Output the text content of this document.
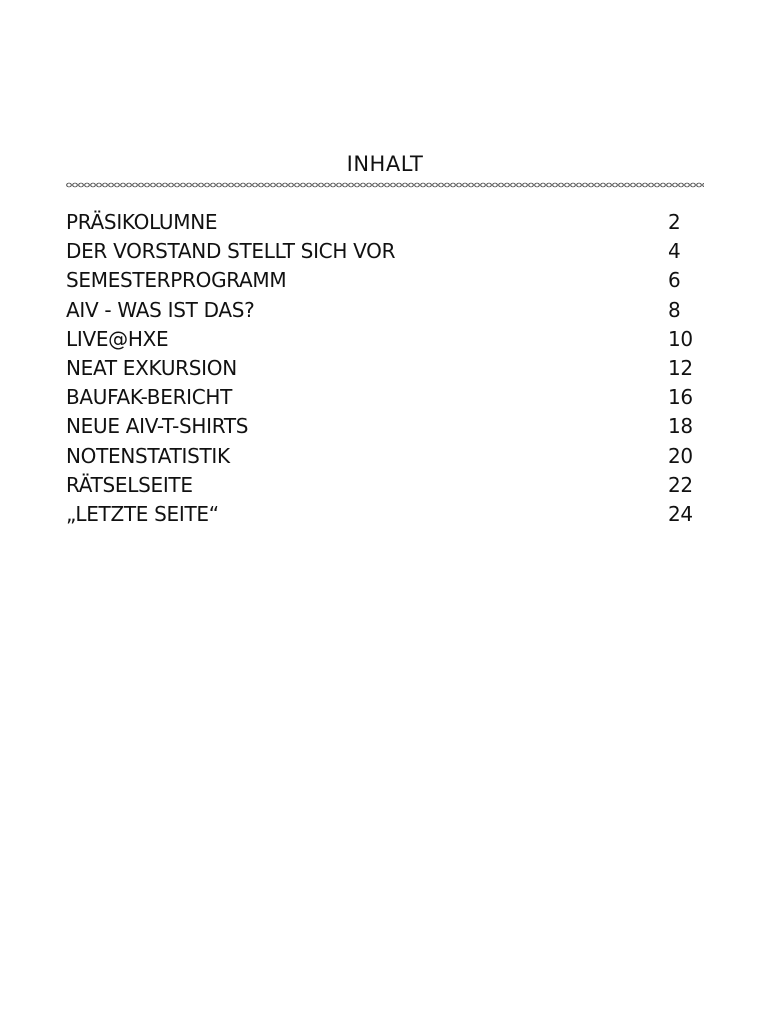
INHALT
PRÄSIKOLUMNE	2
DER VORSTAND STELLT SICH VOR	4
SEMESTERPROGRAMM	6
AIV - WAS IST DAS?	8
LIVE@HXE	10
NEAT EXKURSION	12
BAUFAK-BERICHT	16
NEUE AIV-T-SHIRTS	18
NOTENSTATISTIK	20
RÄTSELSEITE	22
„LETZTE SEITE“	24
